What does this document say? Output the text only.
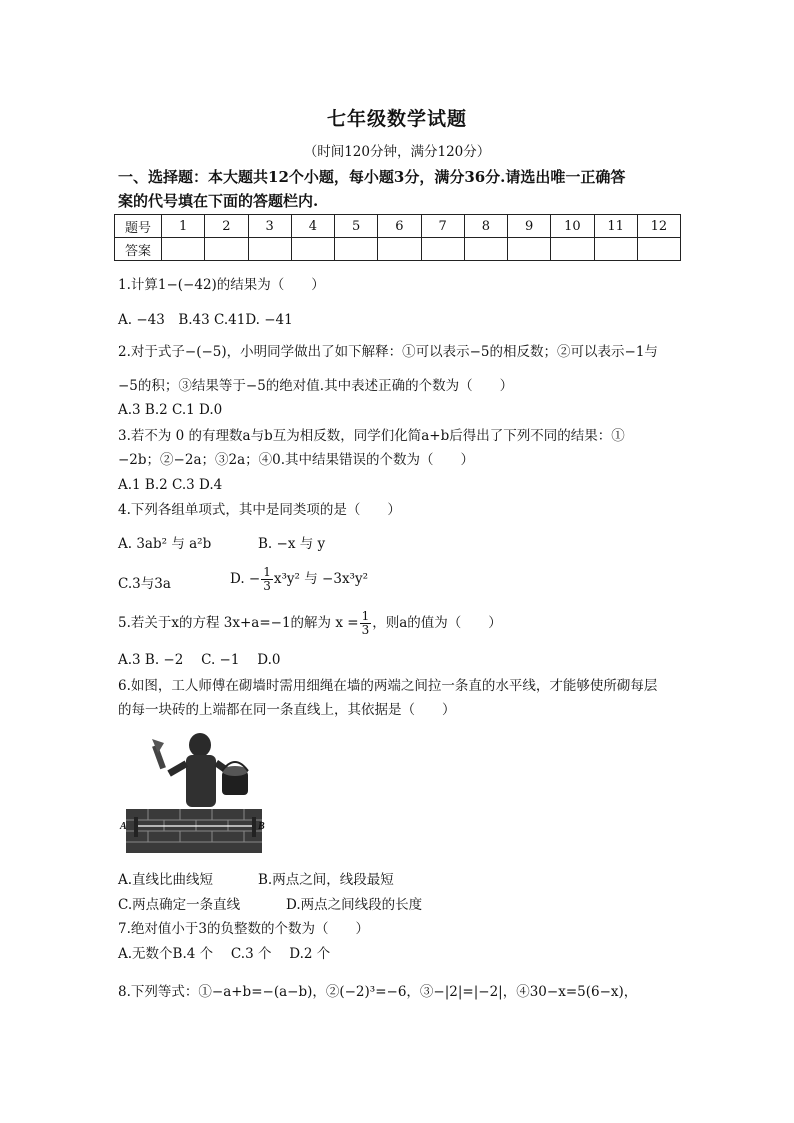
七年级数学试题
（时间120分钟，满分120分）
一、选择题：本大题共12个小题，每小题3分，满分36分.请选出唯一正确答
案的代号填在下面的答题栏内.
题号	1	2	3	4	5	6	7	8	9	10	11	12
答案												
1.计算1−(−42)的结果为（　　）
A. −43　B.43 C.41D. −41
2.对于式子−(−5)，小明同学做出了如下解释：①可以表示−5的相反数；②可以表示−1与
−5的积；③结果等于−5的绝对值.其中表述正确的个数为（　　）
A.3 B.2 C.1 D.0
3.若不为 0 的有理数a与b互为相反数，同学们化简a+b后得出了下列不同的结果：①
−2b；②−2a；③2a；④0.其中结果错误的个数为（　　）
A.1 B.2 C.3 D.4
4.下列各组单项式，其中是同类项的是（　　）
A. 3ab² 与 a²b	B. −x 与 y
C.3与3a	D. − $\frac{1}{3} x^3y^2$ 与 −3x³y²
5.若关于x的方程 3x+a=−1的解为 $x = \frac{1}{3}$ ，则a的值为（　　）
A.3 B. −2　 C. −1　 D.0
6.如图，工人师傅在砌墙时需用细绳在墙的两端之间拉一条直的水平线，才能够使所砌每层
的每一块砖的上端都在同一条直线上，其依据是（　　）
A	B
A.直线比曲线短	B.两点之间，线段最短
C.两点确定一条直线	D.两点之间线段的长度
7.绝对值小于3的负整数的个数为（　　）
A.无数个B.4 个　 C.3 个　 D.2 个
8.下列等式：①−a+b=−(a−b)，②(−2)³=−6，③−|2|=|−2|，④30−x=5(6−x)，
